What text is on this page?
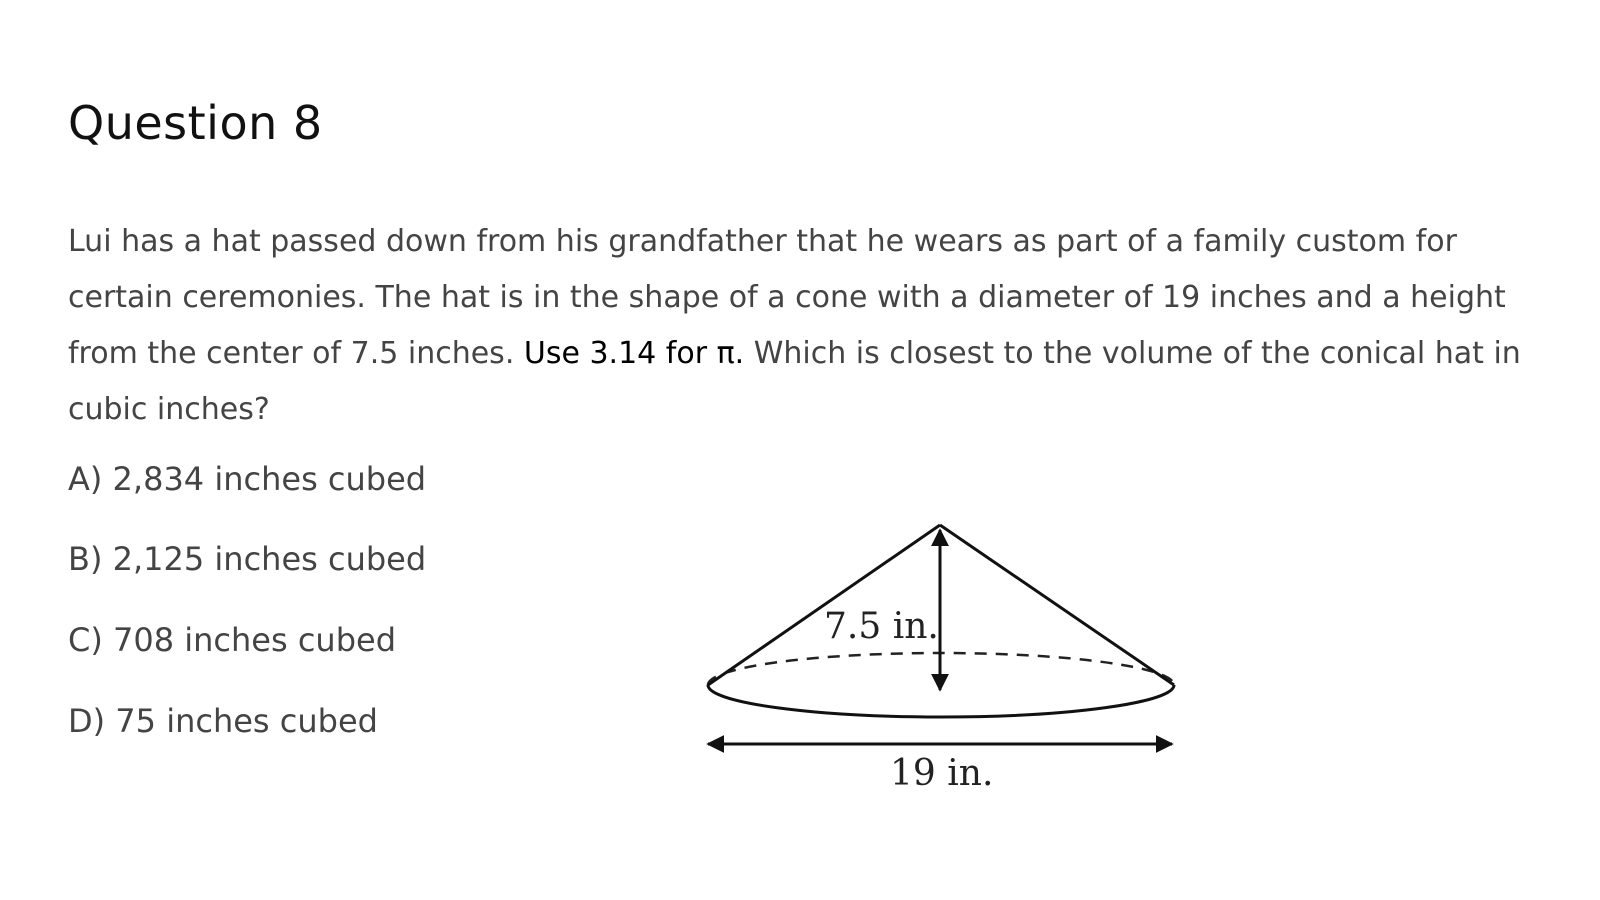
Question 8
Lui has a hat passed down from his grandfather that he wears as part of a family custom for certain ceremonies. The hat is in the shape of a cone with a diameter of 19 inches and a height from the center of 7.5 inches. Use 3.14 for π. Which is closest to the volume of the conical hat in cubic inches?
A) 2,834 inches cubed
B) 2,125 inches cubed
C) 708 inches cubed
D) 75 inches cubed
7.5 in.
19 in.
